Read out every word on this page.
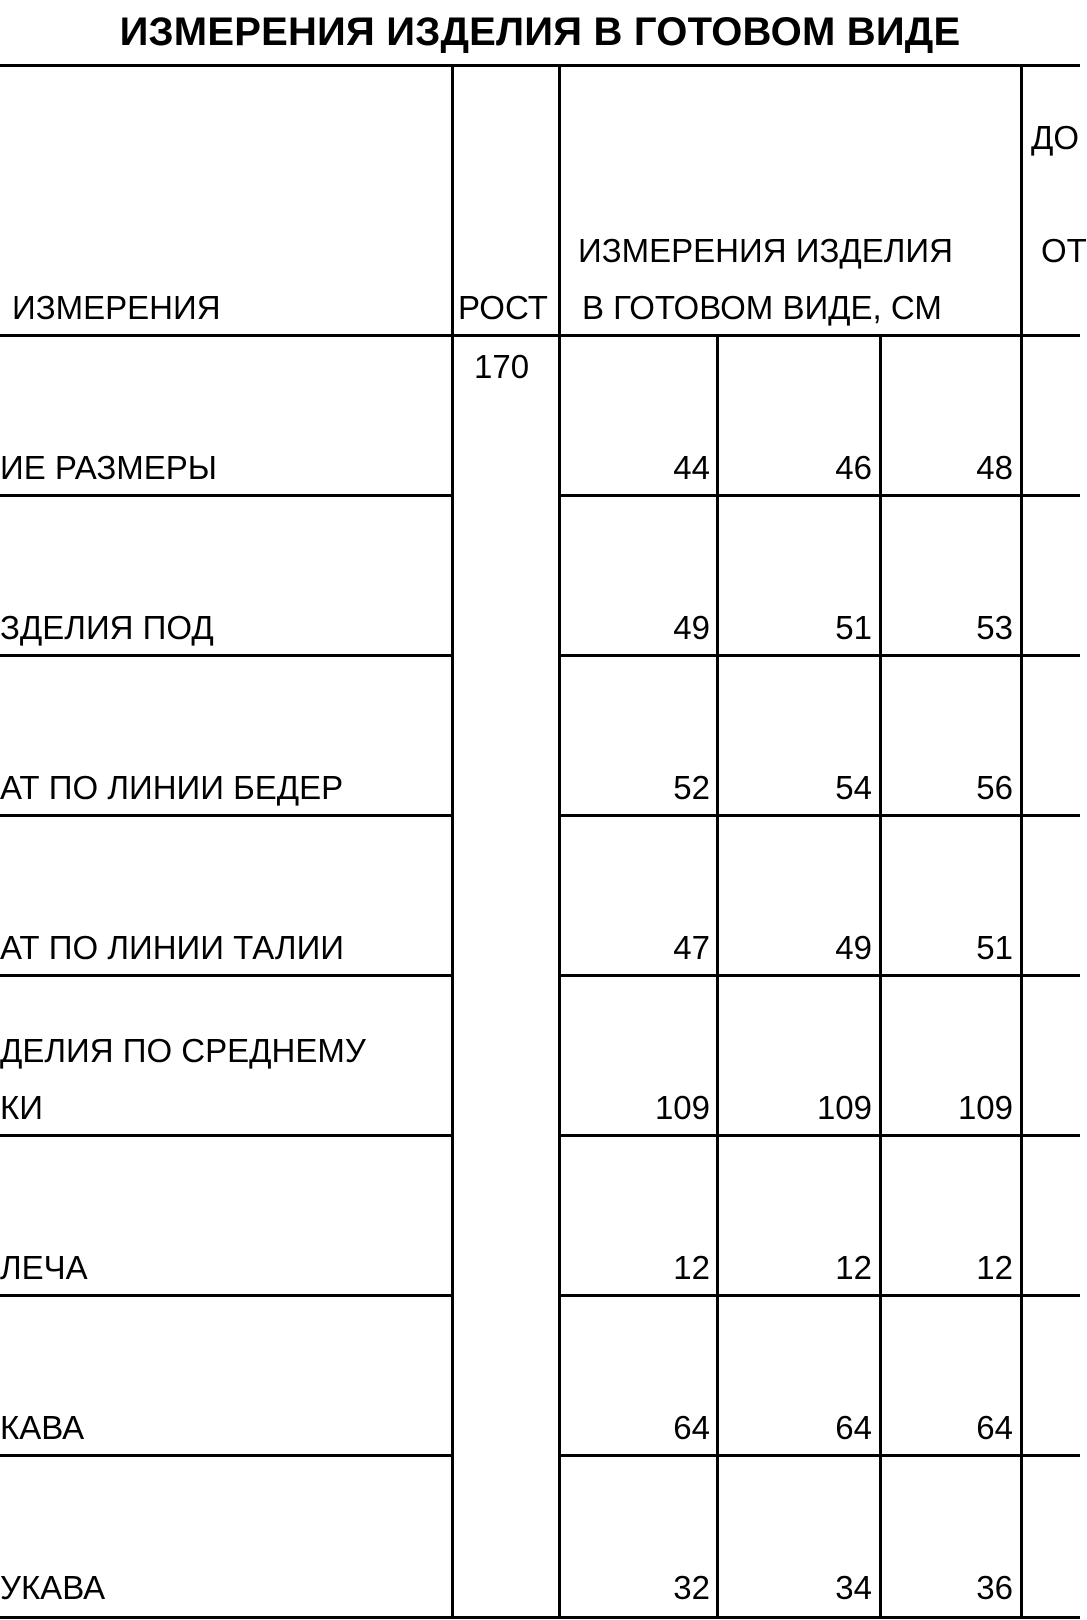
ИЗМЕРЕНИЯ ИЗДЕЛИЯ В ГОТОВОМ ВИДЕ
ИЗМЕРЕНИЯ	РОСТ
ИЗМЕРЕНИЯ ИЗДЕЛИЯ
В ГОТОВОМ ВИДЕ, СМ
ДО
ОТ
170
ИЕ РАЗМЕРЫ	44	46	48
ЗДЕЛИЯ ПОД	49	51	53
АТ ПО ЛИНИИ БЕДЕР	52	54	56
АТ ПО ЛИНИИ ТАЛИИ	47	49	51
ДЕЛИЯ ПО СРЕДНЕМУ
КИ	109	109	109
ЛЕЧА	12	12	12
КАВА	64	64	64
УКАВА	32	34	36
